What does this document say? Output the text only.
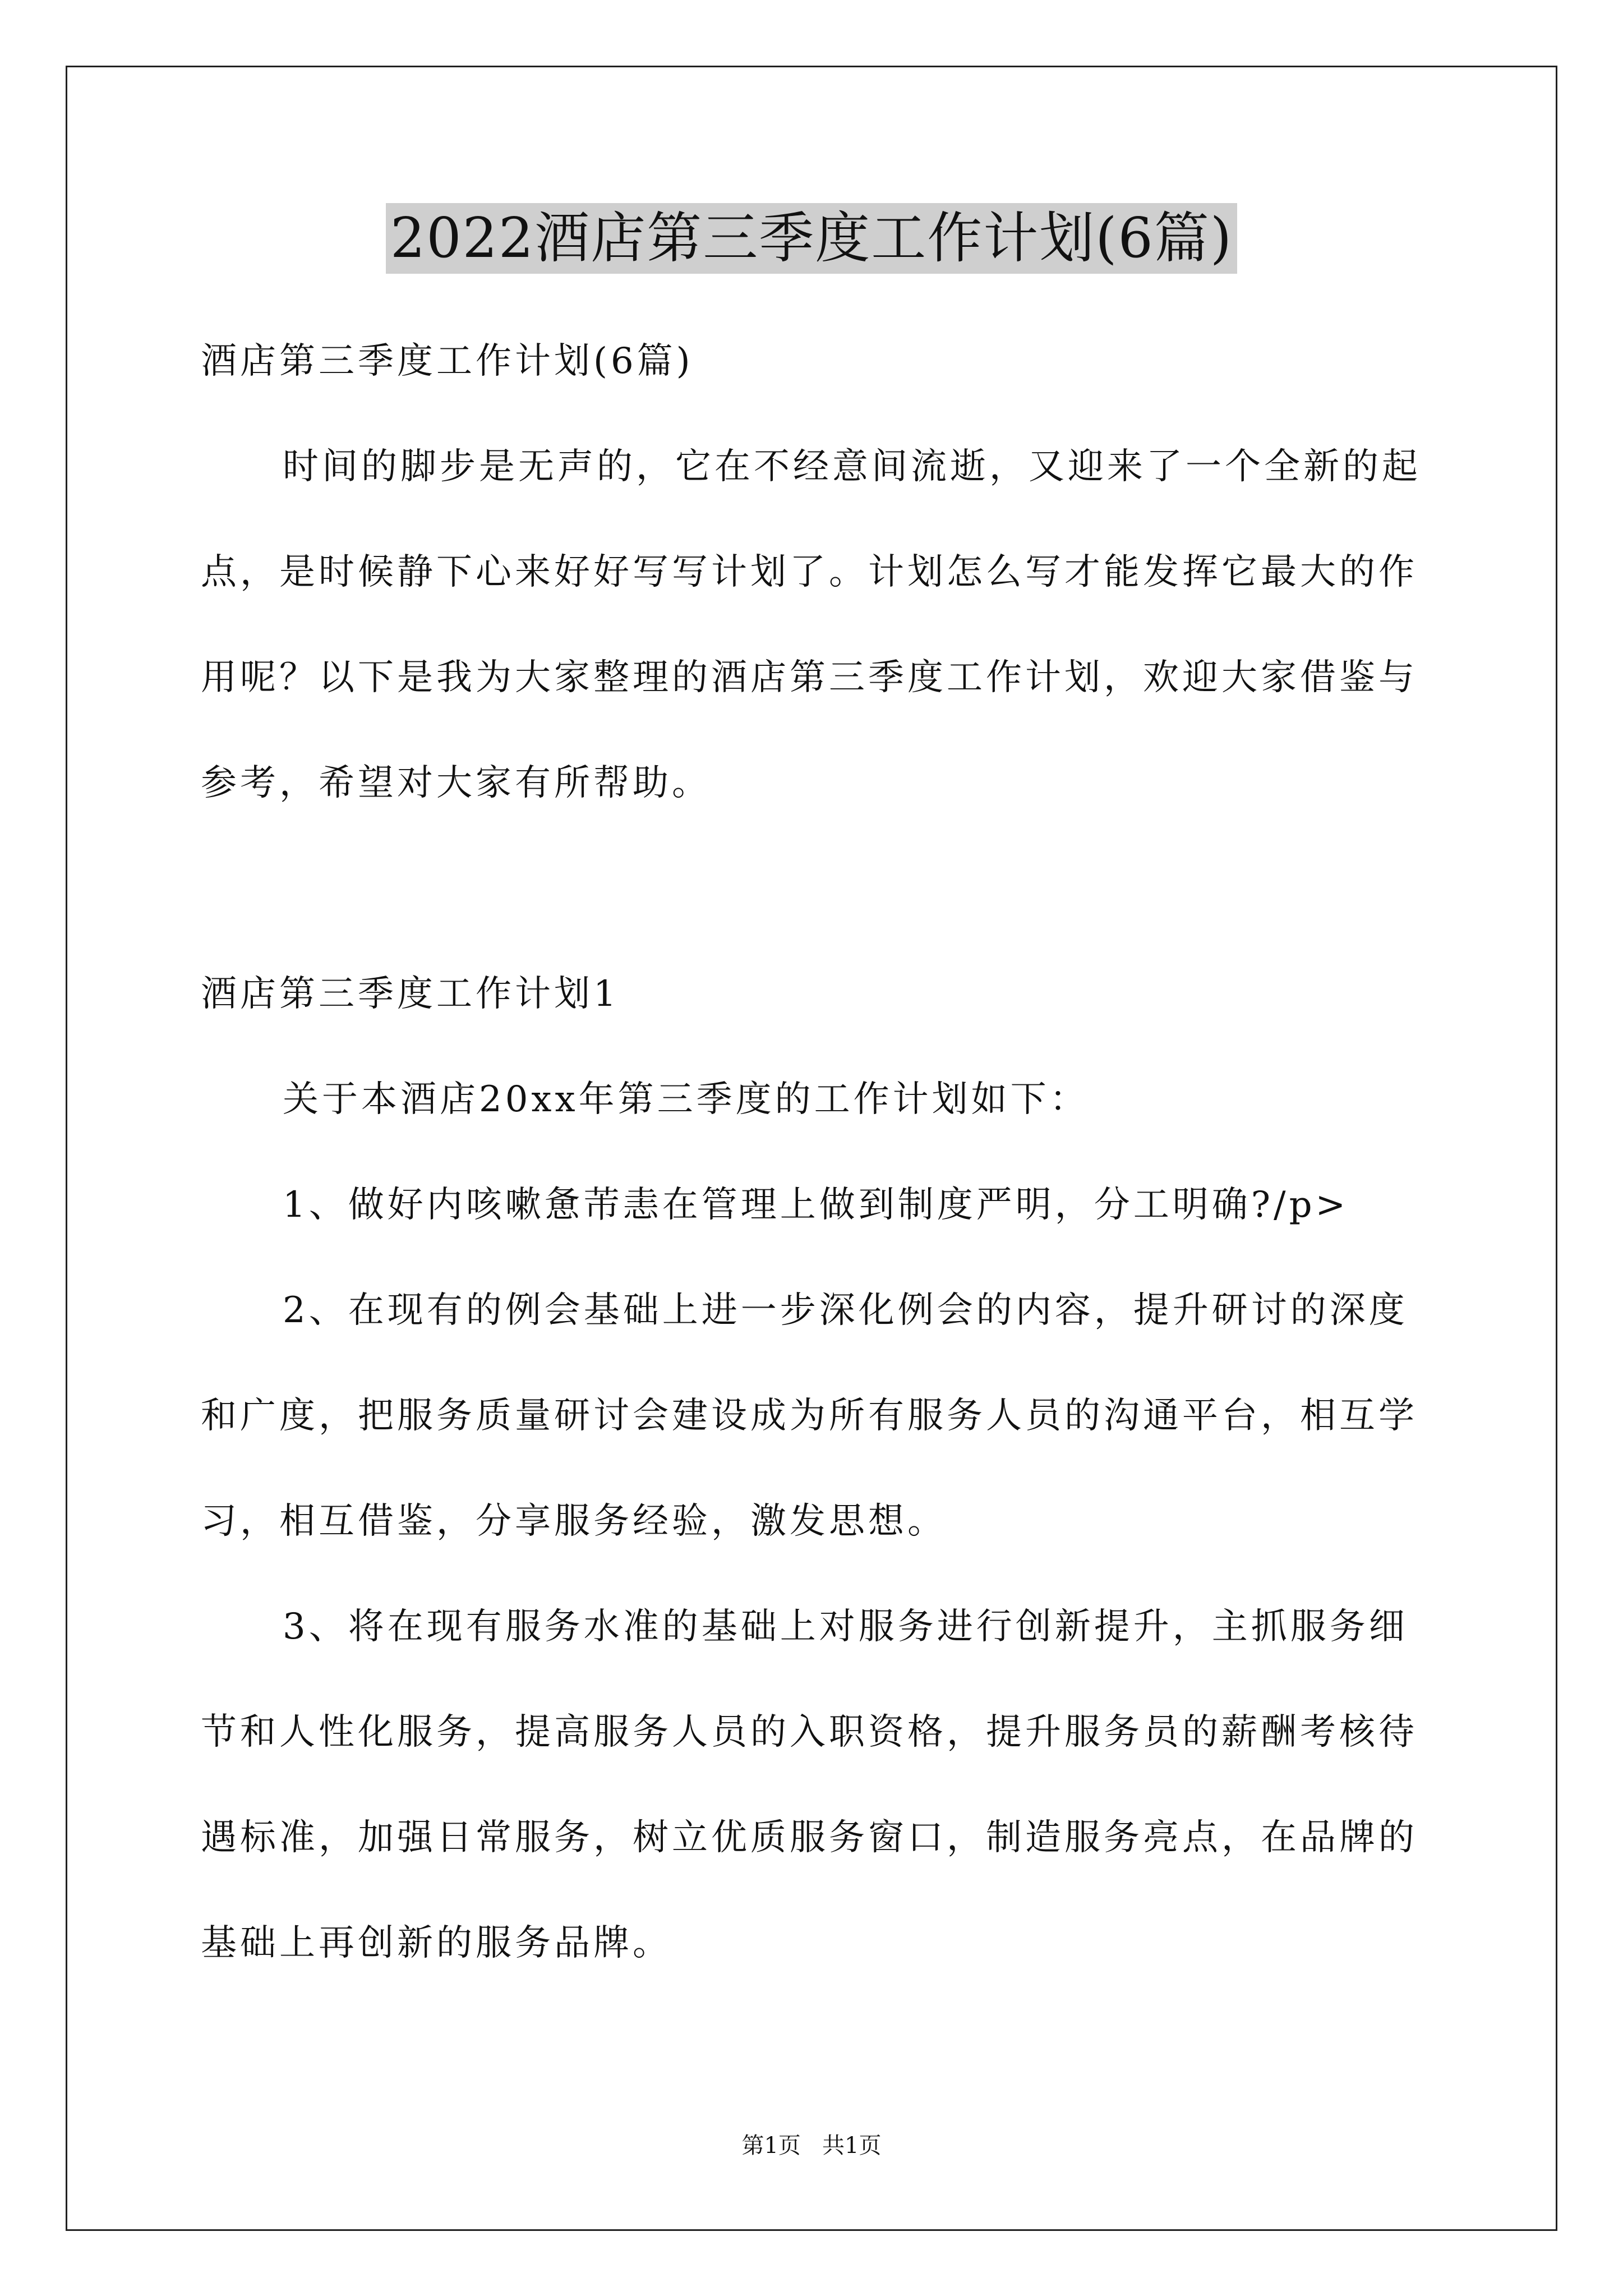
2022酒店第三季度工作计划(6篇)

酒店第三季度工作计划(6篇)

时间的脚步是无声的，它在不经意间流逝，又迎来了一个全新的起点，是时候静下心来好好写写计划了。计划怎么写才能发挥它最大的作用呢？以下是我为大家整理的酒店第三季度工作计划，欢迎大家借鉴与参考，希望对大家有所帮助。

酒店第三季度工作计划1

关于本酒店20xx年第三季度的工作计划如下：

1、做好内咳嗽惫芾恚在管理上做到制度严明，分工明确?/p>

2、在现有的例会基础上进一步深化例会的内容，提升研讨的深度和广度，把服务质量研讨会建设成为所有服务人员的沟通平台，相互学习，相互借鉴，分享服务经验，激发思想。

3、将在现有服务水准的基础上对服务进行创新提升，主抓服务细节和人性化服务，提高服务人员的入职资格，提升服务员的薪酬考核待遇标准，加强日常服务，树立优质服务窗口，制造服务亮点，在品牌的基础上再创新的服务品牌。

第1页   共1页
